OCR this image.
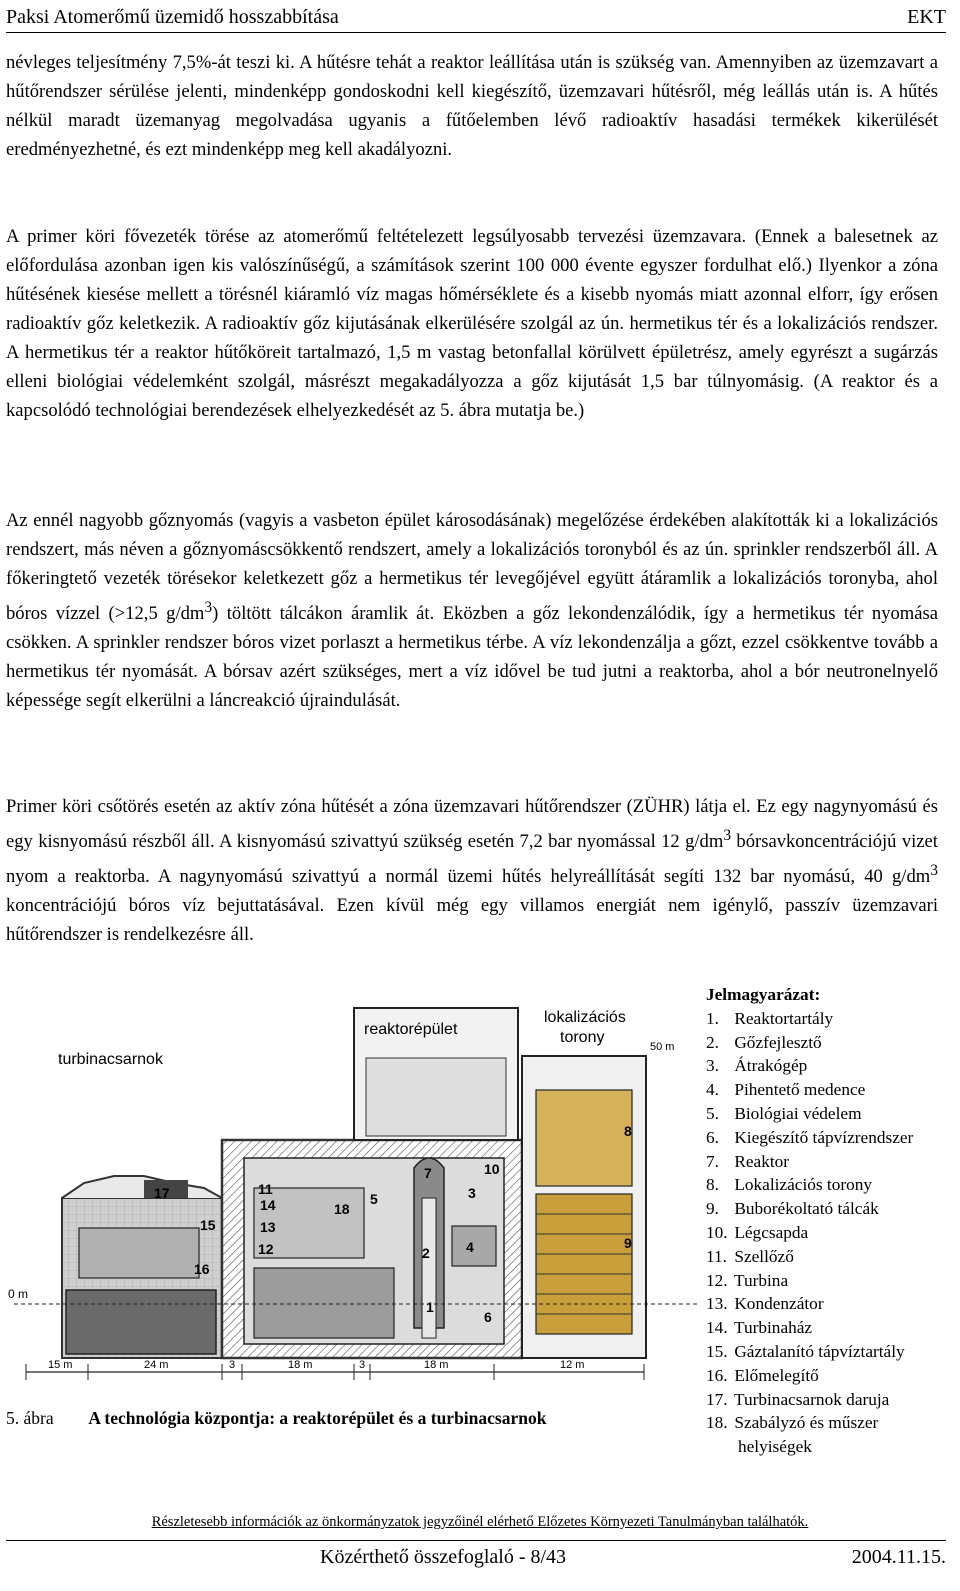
Paksi Atomerőmű üzemidő hosszabbítása	EKT

névleges teljesítmény 7,5%-át teszi ki. A hűtésre tehát a reaktor leállítása után is szükség van. Amennyiben az üzemzavart a hűtőrendszer sérülése jelenti, mindenképp gondoskodni kell kiegészítő, üzemzavari hűtésről, még leállás után is. A hűtés nélkül maradt üzemanyag megolvadása ugyanis a fűtőelemben lévő radioaktív hasadási termékek kikerülését eredményezhetné, és ezt mindenképp meg kell akadályozni.

A primer köri fővezeték törése az atomerőmű feltételezett legsúlyosabb tervezési üzemzavara. (Ennek a balesetnek az előfordulása azonban igen kis valószínűségű, a számítások szerint 100 000 évente egyszer fordulhat elő.) Ilyenkor a zóna hűtésének kiesése mellett a törésnél kiáramló víz magas hőmérséklete és a kisebb nyomás miatt azonnal elforr, így erősen radioaktív gőz keletkezik. A radioaktív gőz kijutásának elkerülésére szolgál az ún. hermetikus tér és a lokalizációs rendszer. A hermetikus tér a reaktor hűtőköreit tartalmazó, 1,5 m vastag betonfallal körülvett épületrész, amely egyrészt a sugárzás elleni biológiai védelemként szolgál, másrészt megakadályozza a gőz kijutását 1,5 bar túlnyomásig. (A reaktor és a kapcsolódó technológiai berendezések elhelyezkedését az 5. ábra mutatja be.)

Az ennél nagyobb gőznyomás (vagyis a vasbeton épület károsodásának) megelőzése érdekében alakították ki a lokalizációs rendszert, más néven a gőznyomáscsökkentő rendszert, amely a lokalizációs toronyból és az ún. sprinkler rendszerből áll. A főkeringtető vezeték törésekor keletkezett gőz a hermetikus tér levegőjével együtt átáramlik a lokalizációs toronyba, ahol bóros vízzel (>12,5 $g/dm^3$) töltött tálcákon áramlik át. Eközben a gőz lekondenzálódik, így a hermetikus tér nyomása csökken. A sprinkler rendszer bóros vizet porlaszt a hermetikus térbe. A víz lekondenzálja a gőzt, ezzel csökkentve tovább a hermetikus tér nyomását. A bórsav azért szükséges, mert a víz idővel be tud jutni a reaktorba, ahol a bór neutronelnyelő képessége segít elkerülni a láncreakció újraindulását.

Primer köri csőtörés esetén az aktív zóna hűtését a zóna üzemzavari hűtőrendszer (ZÜHR) látja el. Ez egy nagynyomású és egy kisnyomású részből áll. A kisnyomású szivattyú szükség esetén 7,2 bar nyomással 12 $g/dm^3$ bórsavkoncentrációjú vizet nyom a reaktorba. A nagynyomású szivattyú a normál üzemi hűtés helyreállítását segíti 132 bar nyomású, 40 $g/dm^3$ koncentrációjú bóros víz bejuttatásával. Ezen kívül még egy villamos energiát nem igénylő, passzív üzemzavari hűtőrendszer is rendelkezésre áll.

reaktorépület
lokalizációs
torony
turbinacsarnok
50 m
0 m
15 m	24 m	3	18 m	3	18 m	12 m
1
2
3
4
5
6
7
8
9
10
11
12
13
14
15
16
17
18
5. ábra A technológia központja: a reaktorépület és a turbinacsarnok
Jelmagyarázat:
1. Reaktortartály
2. Gőzfejlesztő
3. Átrakógép
4. Pihentető medence
5. Biológiai védelem
6. Kiegészítő tápvízrendszer
7. Reaktor
8. Lokalizációs torony
9. Buborékoltató tálcák
10. Légcsapda
11. Szellőző
12. Turbina
13. Kondenzátor
14. Turbinaház
15. Gáztalanító tápvíztartály
16. Előmelegítő
17. Turbinacsarnok daruja
18. Szabályzó és műszer
helyiségek
Részletesebb információk az önkormányzatok jegyzőinél elérhető Előzetes Környezeti Tanulmányban találhatók.
Közérthető összefoglaló - 8/43	2004.11.15.
